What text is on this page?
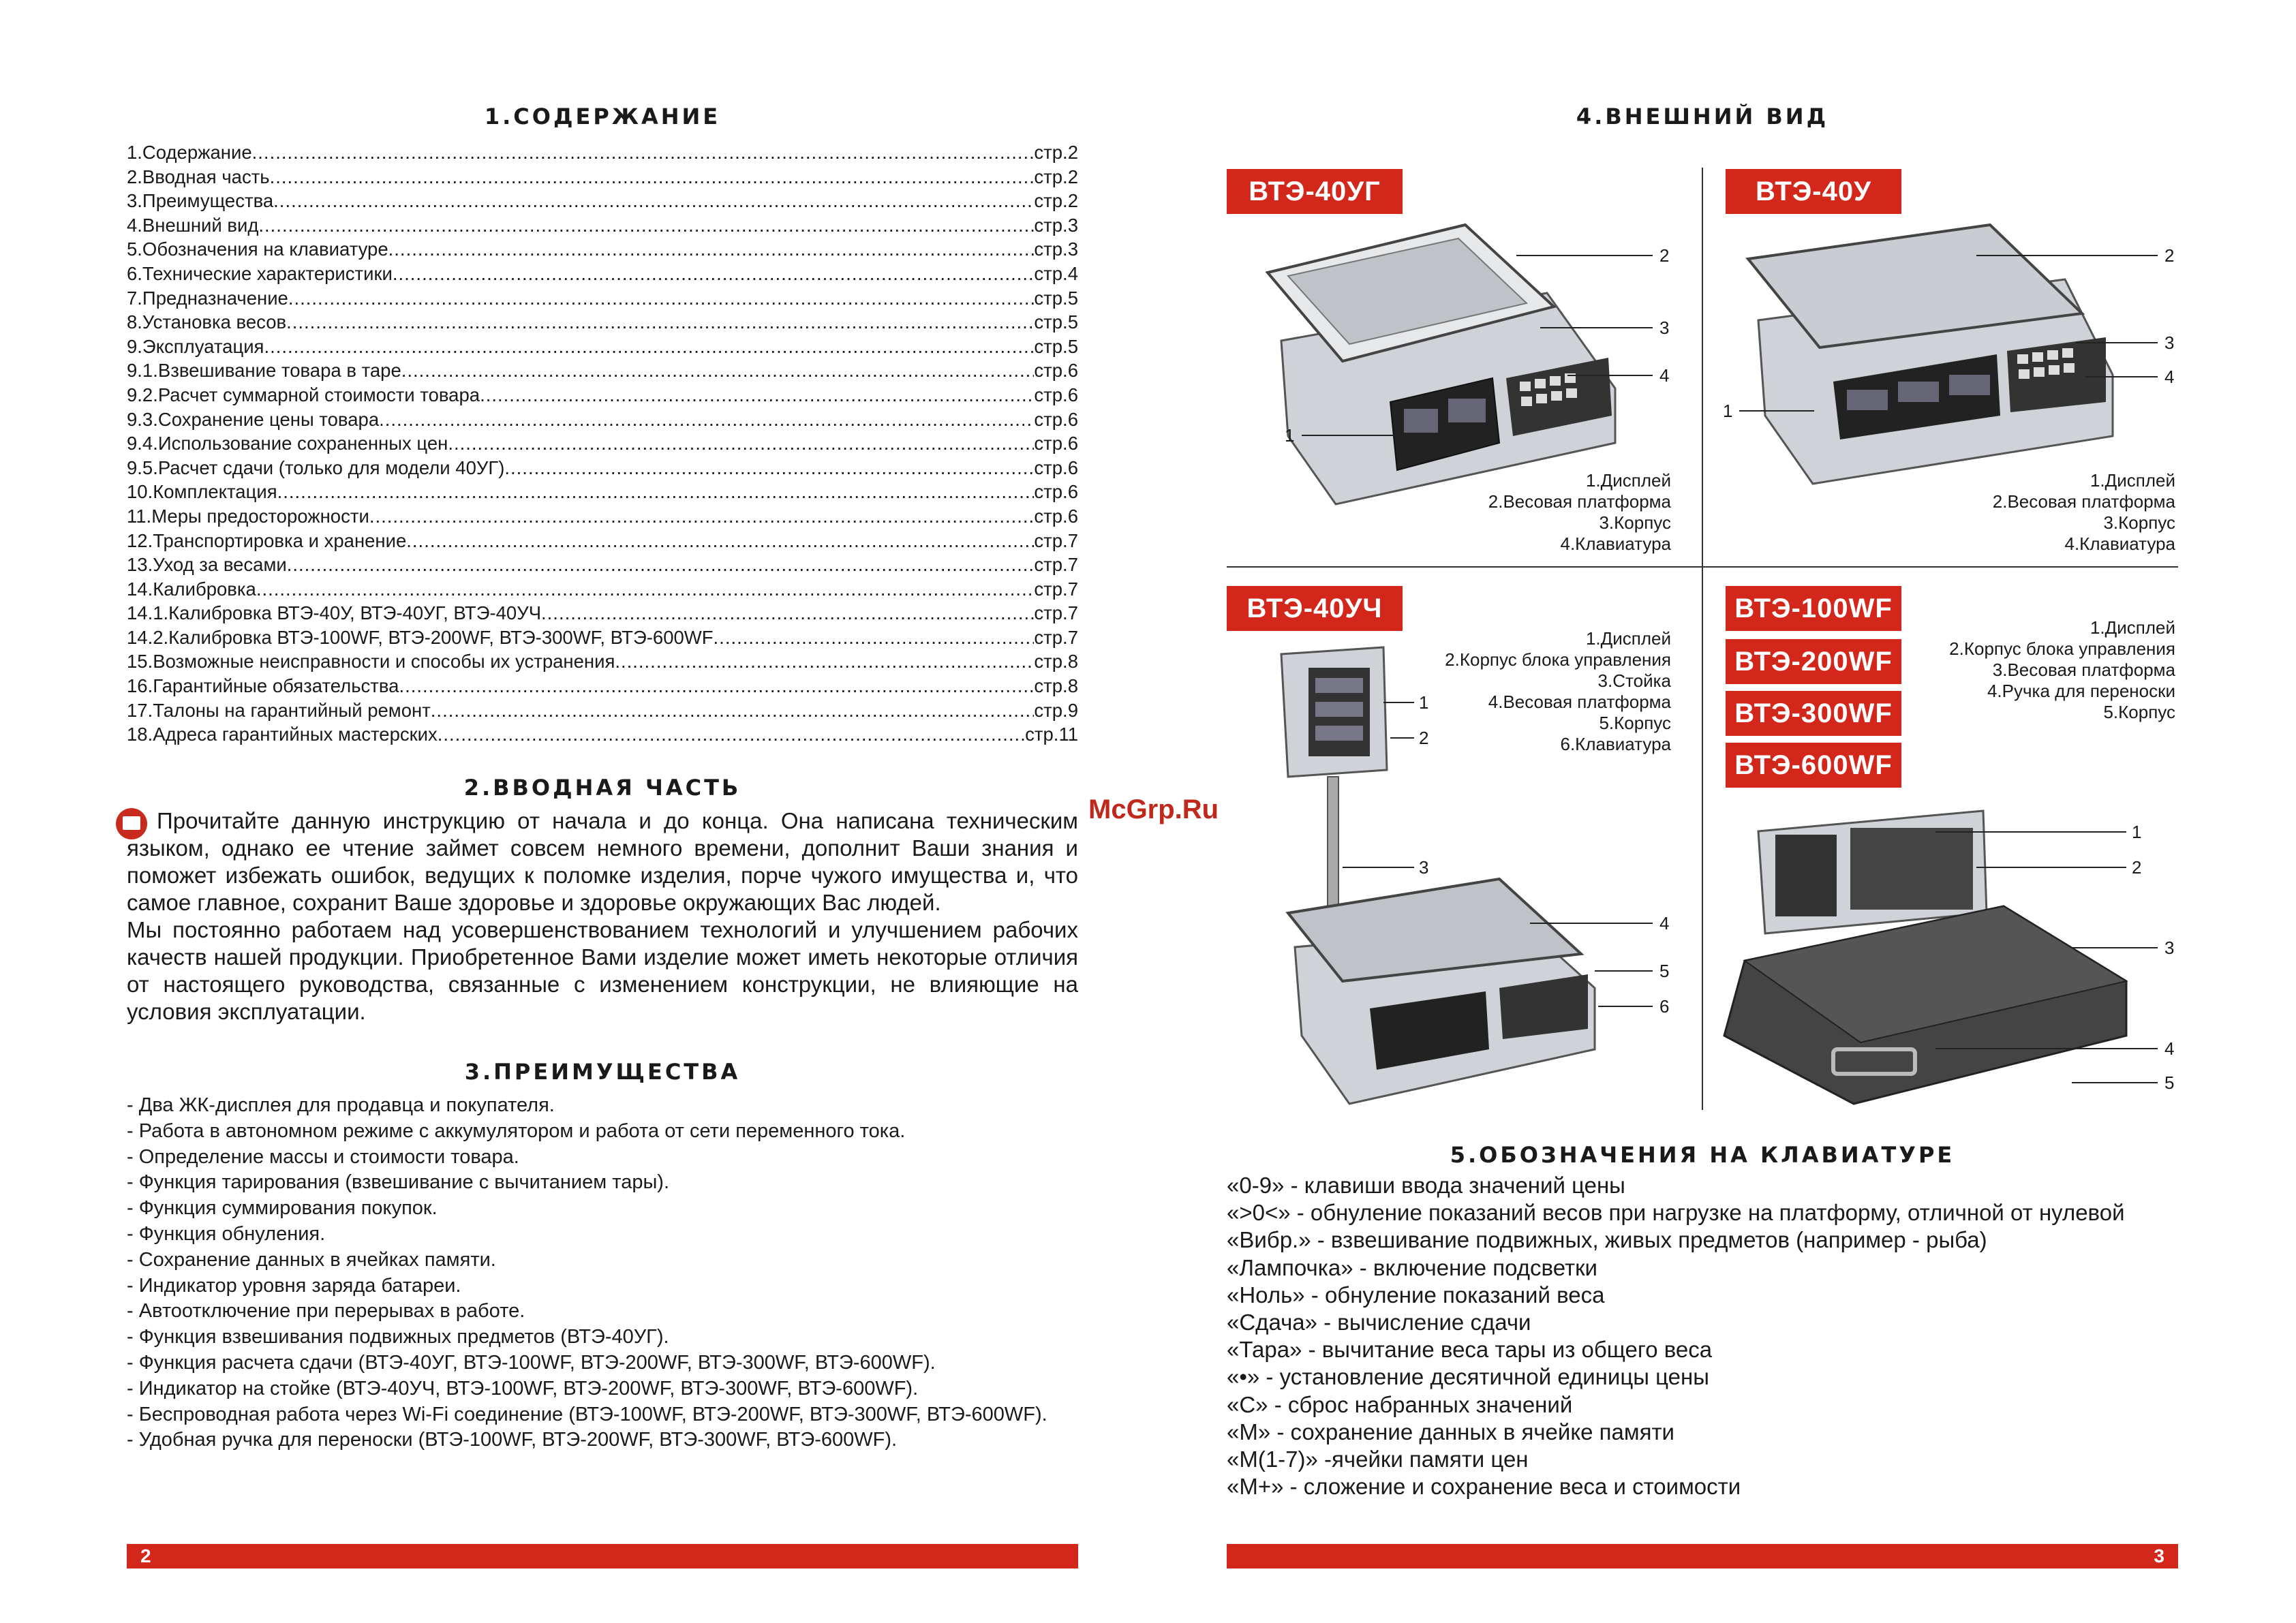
1.СОДЕРЖАНИЕ
1.Содержание .....	стр.2
2.Вводная часть .....	стр.2
3.Преимущества .....	стр.2
4.Внешний вид .....	стр.3
5.Обозначения на клавиатуре .....	стр.3
6.Технические характеристики .....	стр.4
7.Предназначение .....	стр.5
8.Установка весов .....	стр.5
9.Эксплуатация .....	стр.5
9.1.Взвешивание товара в таре .....	стр.6
9.2.Расчет суммарной стоимости товара .....	стр.6
9.3.Сохранение цены товара .....	стр.6
9.4.Использование сохраненных цен .....	стр.6
9.5.Расчет сдачи (только для модели 40УГ) .....	стр.6
10.Комплектация .....	стр.6
11.Меры предосторожности .....	стр.6
12.Транспортировка и хранение .....	стр.7
13.Уход за весами .....	стр.7
14.Калибровка .....	стр.7
14.1.Калибровка ВТЭ-40У, ВТЭ-40УГ, ВТЭ-40УЧ .....	стр.7
14.2.Калибровка ВТЭ-100WF, ВТЭ-200WF, ВТЭ-300WF, ВТЭ-600WF .....	стр.7
15.Возможные неисправности и способы их устранения .....	стр.8
16.Гарантийные обязательства .....	стр.8
17.Талоны на гарантийный ремонт .....	стр.9
18.Адреса гарантийных мастерских .....	стр.11
2.ВВОДНАЯ ЧАСТЬ

Прочитайте данную инструкцию от начала и до конца. Она написана техническим языком, однако ее чтение займет совсем немного времени, дополнит Ваши знания и поможет избежать ошибок, ведущих к поломке изделия, порче чужого имущества и, что самое главное, сохранит Ваше здоровье и здоровье окружающих Вас людей.

Мы постоянно работаем над усовершенствованием технологий и улучшением рабочих качеств нашей продукции. Приобретенное Вами изделие может иметь некоторые отличия от настоящего руководства, связанные с изменением конструкции, не влияющие на условия эксплуатации.

3.ПРЕИМУЩЕСТВА
- Два ЖК-дисплея для продавца и покупателя.
- Работа в автономном режиме с аккумулятором и работа от сети переменного тока.
- Определение массы и стоимости товара.
- Функция тарирования (взвешивание с вычитанием тары).
- Функция суммирования покупок.
- Функция обнуления.
- Сохранение данных в ячейках памяти.
- Индикатор уровня заряда батареи.
- Автоотключение при перерывах в работе.
- Функция взвешивания подвижных предметов (ВТЭ-40УГ).
- Функция расчета сдачи (ВТЭ-40УГ, ВТЭ-100WF, ВТЭ-200WF, ВТЭ-300WF, ВТЭ-600WF).
- Индикатор на стойке (ВТЭ-40УЧ, ВТЭ-100WF, ВТЭ-200WF, ВТЭ-300WF, ВТЭ-600WF).
- Беспроводная работа через Wi-Fi соединение (ВТЭ-100WF, ВТЭ-200WF, ВТЭ-300WF, ВТЭ-600WF).
- Удобная ручка для переноски (ВТЭ-100WF, ВТЭ-200WF, ВТЭ-300WF, ВТЭ-600WF).
2
McGrp.Ru
4.ВНЕШНИЙ ВИД
ВТЭ-40УГ
2
3
4
1
1.Дисплей
2.Весовая платформа
3.Корпус
4.Клавиатура
ВТЭ-40У
2
3
4
1
1.Дисплей
2.Весовая платформа
3.Корпус
4.Клавиатура
ВТЭ-40УЧ
1
2
3
4
5
6
1.Дисплей
2.Корпус блока управления
3.Стойка
4.Весовая платформа
5.Корпус
6.Клавиатура
ВТЭ-100WF
ВТЭ-200WF
ВТЭ-300WF
ВТЭ-600WF
1
2
3
4
5
1.Дисплей
2.Корпус блока управления
3.Весовая платформа
4.Ручка для переноски
5.Корпус
5.ОБОЗНАЧЕНИЯ НА КЛАВИАТУРЕ
«0-9» - клавиши ввода значений цены
«>0<» - обнуление показаний весов при нагрузке на платформу, отличной от нулевой
«Вибр.» - взвешивание подвижных, живых предметов (например - рыба)
«Лампочка» - включение подсветки
«Ноль» - обнуление показаний веса
«Сдача» - вычисление сдачи
«Тара» - вычитание веса тары из общего веса
«•» - установление десятичной единицы цены
«С» - сброс набранных значений
«М» - сохранение данных в ячейке памяти
«М(1-7)» -ячейки памяти цен
«М+» - сложение и сохранение веса и стоимости
3
